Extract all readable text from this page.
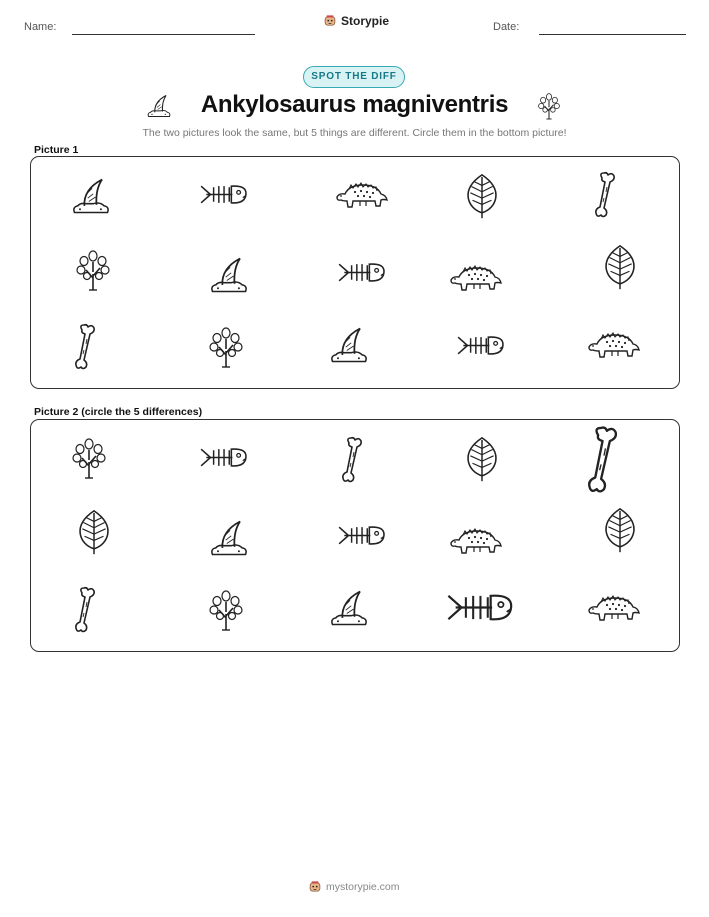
Name:	Storypie	Date:
SPOT THE DIFF
Ankylosaurus magniventris
The two pictures look the same, but 5 things are different. Circle them in the bottom picture!
Picture 1
Picture 2 (circle the 5 differences)
mystorypie.com
